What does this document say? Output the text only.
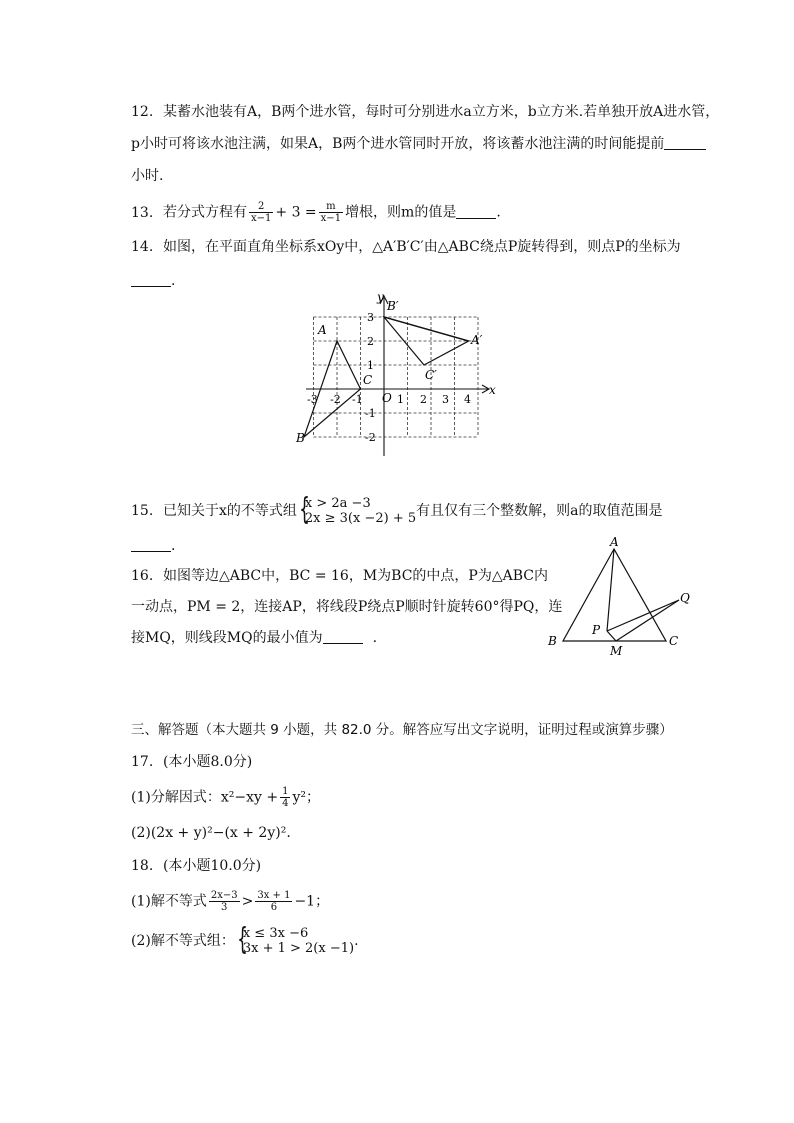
12. 某蓄水池装有A，B两个进水管，每时可分别进水a立方米，b立方米.若单独开放A进水管，
p小时可将该水池注满，如果A，B两个进水管同时开放，将该蓄水池注满的时间能提前
小时.
13. 若分式方程有 $\frac{2}{x-1} + 3 = \frac{m}{x-1}$ 增根，则m的值是	.
14. 如图，在平面直角坐标系xOy中，△A′B′C′由△ABC绕点P旋转得到，则点P的坐标为
.
y
x
O
-3 -2 -1	1 2 3 4
3
2
1
-1
-2
A
B
C
A′
B′
C′
15. 已知关于x的不等式组 { x > 2a −3
2x ≥ 3(x −2) + 5 有且仅有三个整数解，则a的取值范围是
.
16. 如图等边△ABC中，BC = 16，M为BC的中点，P为△ABC内
一动点，PM = 2，连接AP，将线段P绕点P顺时针旋转60°得PQ，连
接MQ，则线段MQ的最小值为	.
A
B	C
M
P
Q
三、解答题（本大题共 9 小题，共 82.0 分。解答应写出文字说明，证明过程或演算步骤）
17. (本小题8.0分)
(1)分解因式：$x^2-xy + \frac{1}{4} y^2$；
(2)(2x + y)²−(x + 2y)².
18. (本小题10.0分)
(1)解不等式 $\frac{2x-3}{3} > \frac{3x + 1}{6} -1$；
(2)解不等式组： { x ≤ 3x −6
3x + 1 > 2(x −1) .
